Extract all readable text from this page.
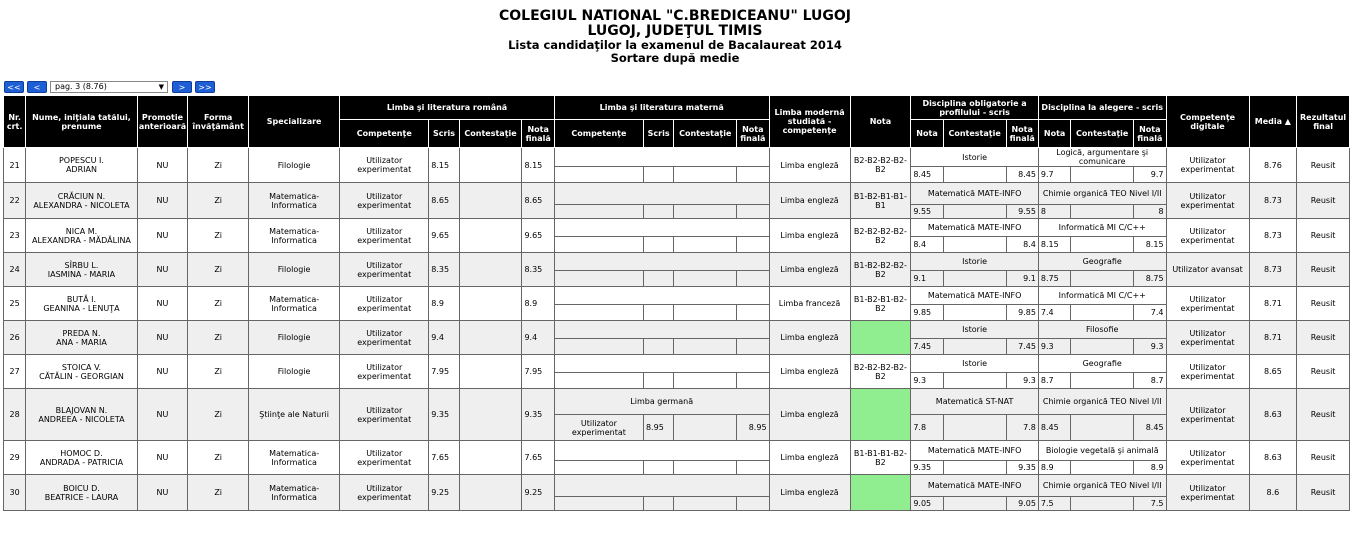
COLEGIUL NATIONAL "C.BREDICEANU" LUGOJ
LUGOJ, JUDEŢUL TIMIS
Lista candidaţilor la examenul de Bacalaureat 2014
Sortare după medie
<<	<	pag. 3 (8.76)	▼	>	>>
Nr. crt.	Nume, iniţiala tatălui, prenume	Promotie anterioară	Forma învăţământ	Specializare	Limba şi literatura română				Limba şi literatura maternă				Limba modernă studiată - competenţe	Nota	Disciplina obligatorie a profilului - scris			Disciplina la alegere - scris			Competenţe digitale	Media ▲	Rezultatul final
					Competenţe	Scris	Contestaţie	Nota finală	Competenţe	Scris	Contestaţie	Nota finală			Nota	Contestaţie	Nota finală	Nota	Contestaţie	Nota finală			
21	POPESCU I.
ADRIAN	NU	Zi	Filologie	Utilizator experimentat	8.15		8.15					Limba engleză	B2-B2-B2-B2-B2	Istorie			Logică, argumentare şi comunicare			Utilizator experimentat	8.76	Reusit
															8.45		8.45	9.7		9.7			
22	CRĂCIUN N.
ALEXANDRA - NICOLETA	NU	Zi	Matematica-Informatica	Utilizator experimentat	8.65		8.65					Limba engleză	B1-B2-B1-B1-B1	Matematică MATE-INFO			Chimie organică TEO Nivel I/II			Utilizator experimentat	8.73	Reusit
															9.55		9.55	8		8			
23	NICA M.
ALEXANDRA - MĂDĂLINA	NU	Zi	Matematica-Informatica	Utilizator experimentat	9.65		9.65					Limba engleză	B2-B2-B2-B2-B2	Matematică MATE-INFO			Informatică MI C/C++			Utilizator experimentat	8.73	Reusit
															8.4		8.4	8.15		8.15			
24	SÎRBU L.
IASMINA - MARIA	NU	Zi	Filologie	Utilizator experimentat	8.35		8.35					Limba engleză	B1-B2-B2-B2-B2	Istorie			Geografie			Utilizator avansat	8.73	Reusit
															9.1		9.1	8.75		8.75			
25	BUTĂ I.
GEANINA - LENUŢA	NU	Zi	Matematica-Informatica	Utilizator experimentat	8.9		8.9					Limba franceză	B1-B2-B1-B2-B2	Matematică MATE-INFO			Informatică MI C/C++			Utilizator experimentat	8.71	Reusit
															9.85		9.85	7.4		7.4			
26	PREDA N.
ANA - MARIA	NU	Zi	Filologie	Utilizator experimentat	9.4		9.4					Limba engleză		Istorie			Filosofie			Utilizator experimentat	8.71	Reusit
															7.45		7.45	9.3		9.3			
27	STOICA V.
CĂTĂLIN - GEORGIAN	NU	Zi	Filologie	Utilizator experimentat	7.95		7.95					Limba engleză	B2-B2-B2-B2-B2	Istorie			Geografie			Utilizator experimentat	8.65	Reusit
															9.3		9.3	8.7		8.7			
28	BLAJOVAN N.
ANDREEA - NICOLETA	NU	Zi	Ştiinţe ale Naturii	Utilizator experimentat	9.35		9.35	Limba germană				Limba engleză		Matematică ST-NAT			Chimie organică TEO Nivel I/II			Utilizator experimentat	8.63	Reusit
									Utilizator experimentat	8.95		8.95			7.8		7.8	8.45		8.45			
29	HOMOC D.
ANDRADA - PATRICIA	NU	Zi	Matematica-Informatica	Utilizator experimentat	7.65		7.65					Limba engleză	B1-B1-B1-B2-B2	Matematică MATE-INFO			Biologie vegetală şi animală			Utilizator experimentat	8.63	Reusit
															9.35		9.35	8.9		8.9			
30	BOICU D.
BEATRICE - LAURA	NU	Zi	Matematica-Informatica	Utilizator experimentat	9.25		9.25					Limba engleză		Matematică MATE-INFO			Chimie organică TEO Nivel I/II			Utilizator experimentat	8.6	Reusit
															9.05		9.05	7.5		7.5			
